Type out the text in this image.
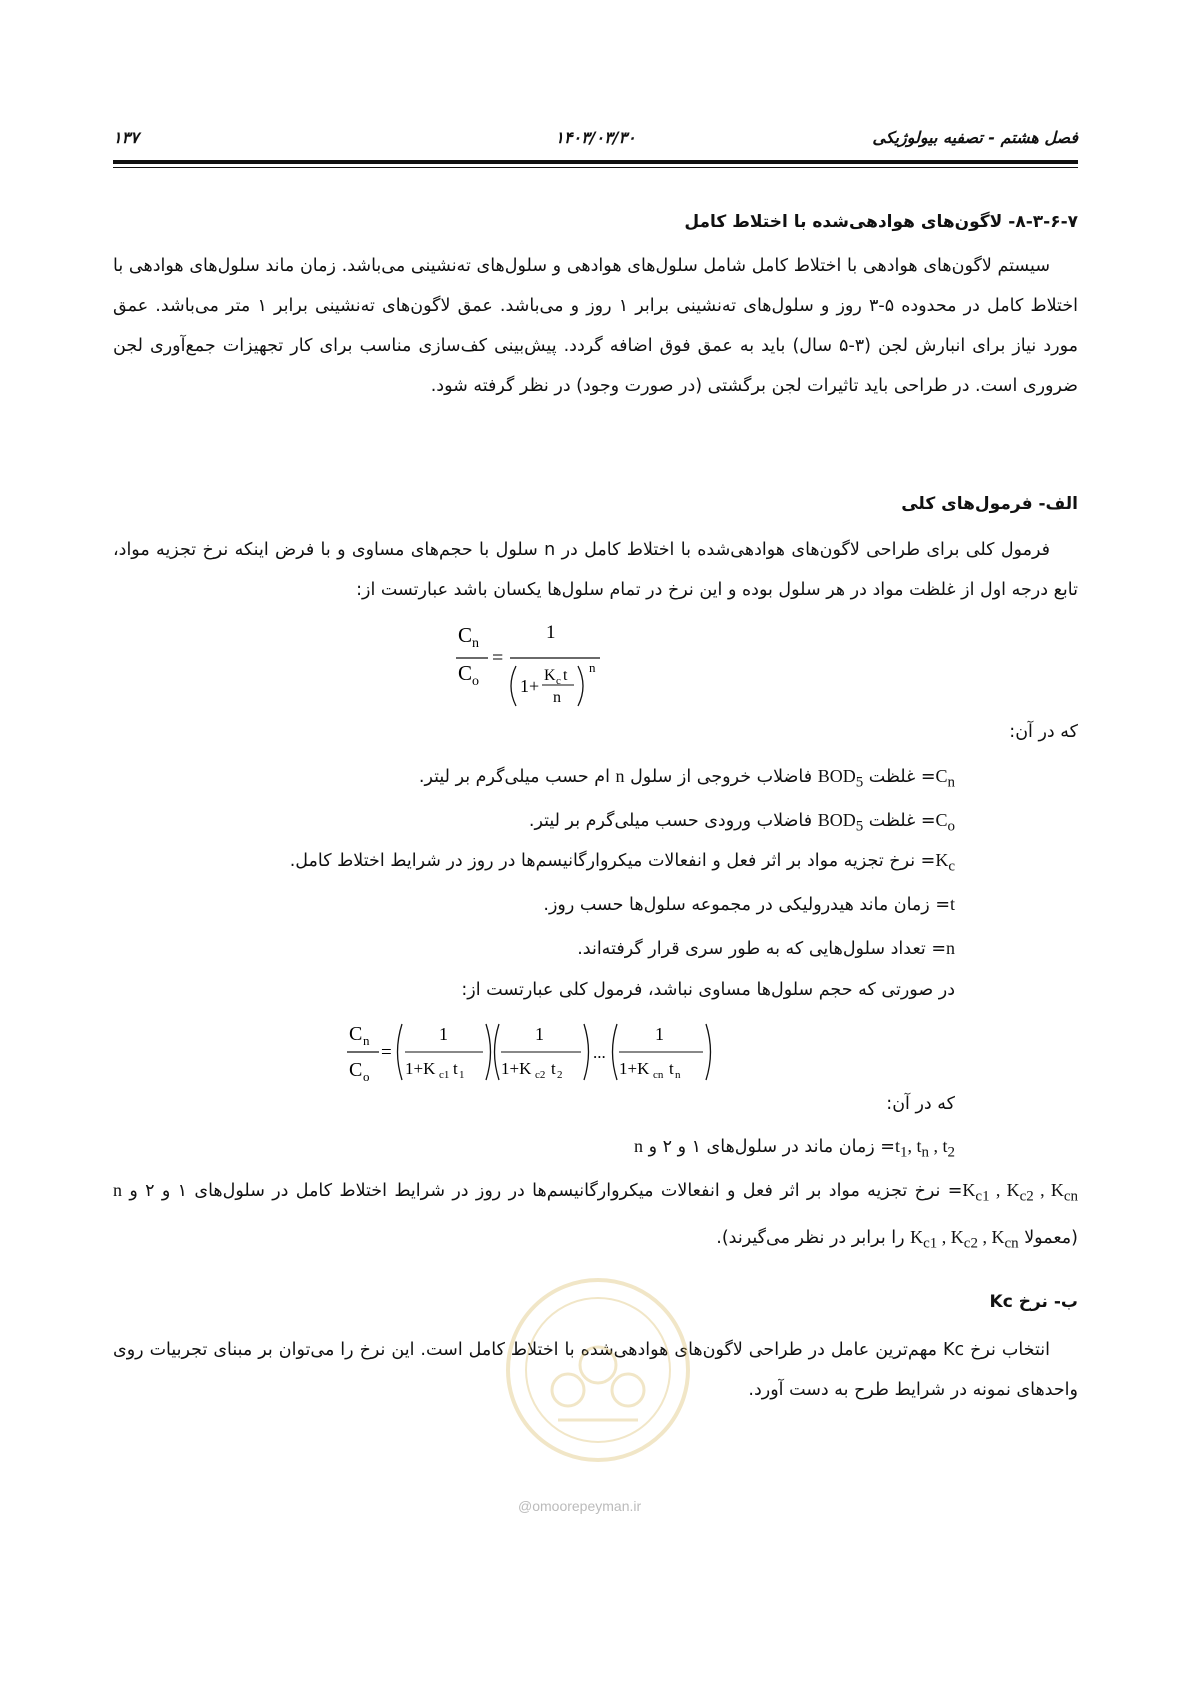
فصل هشتم - تصفیه بیولوژیکی
۱۴۰۳/۰۳/۳۰
۱۳۷
۸-۳-۶-۷- لاگون‌های هوادهی‌شده با اختلاط کامل
سیستم لاگون‌های هوادهی با اختلاط کامل شامل سلول‌های هوادهی و سلول‌های ته‌نشینی می‌باشد. زمان ماند سلول‌های هوادهی با اختلاط کامل در محدوده ۵-۳ روز و سلول‌های ته‌نشینی برابر ۱ روز و می‌باشد. عمق لاگون‌های ته‌نشینی برابر ۱ متر می‌باشد. عمق مورد نیاز برای انبارش لجن (۳-۵ سال) باید به عمق فوق اضافه گردد. پیش‌بینی کف‌سازی مناسب برای کار تجهیزات جمع‌آوری لجن ضروری است. در طراحی باید تاثیرات لجن برگشتی (در صورت وجود) در نظر گرفته شود.
الف- فرمول‌های کلی
فرمول کلی برای طراحی لاگون‌های هوادهی‌شده با اختلاط کامل در n سلول با حجم‌های مساوی و با فرض اینکه نرخ تجزیه مواد، تابع درجه اول از غلظت مواد در هر سلول بوده و این نرخ در تمام سلول‌ها یکسان باشد عبارتست از:
C n
C o
=
1
1+
K c t
n
n
که در آن:
$C_n=$ غلظت $BOD_5$ فاضلاب خروجی از سلول n ام حسب میلی‌گرم بر لیتر.
$C_o=$ غلظت $BOD_5$ فاضلاب ورودی حسب میلی‌گرم بر لیتر.
$K_c=$ نرخ تجزیه مواد بر اثر فعل و انفعالات میکروارگانیسم‌ها در روز در شرایط اختلاط کامل.
t= زمان ماند هیدرولیکی در مجموعه سلول‌ها حسب روز.
n= تعداد سلول‌هایی که به طور سری قرار گرفته‌اند.
در صورتی که حجم سلول‌ها مساوی نباشد، فرمول کلی عبارتست از:
C n
C o
=
1
1+K c1 t 1
1
1+K c2 t 2
...
1
1+K cn t n
که در آن:
$t_1$, $t_n$ , $t_2=$ زمان ماند در سلول‌های ۱ و ۲ و n
$K_{c1}$ , $K_{c2}$ , $K_{cn}=$ نرخ تجزیه مواد بر اثر فعل و انفعالات میکروارگانیسم‌ها در روز در شرایط اختلاط کامل در سلول‌های ۱ و ۲ و n (معمولا $K_{c1}$ , $K_{c2}$ , $K_{cn}$ را برابر در نظر می‌گیرند).
ب- نرخ Kc
انتخاب نرخ Kc مهم‌ترین عامل در طراحی لاگون‌های هوادهی‌شده با اختلاط کامل است. این نرخ را می‌توان بر مبنای تجربیات روی واحدهای نمونه در شرایط طرح به دست آورد.
@omoorepeyman.ir
